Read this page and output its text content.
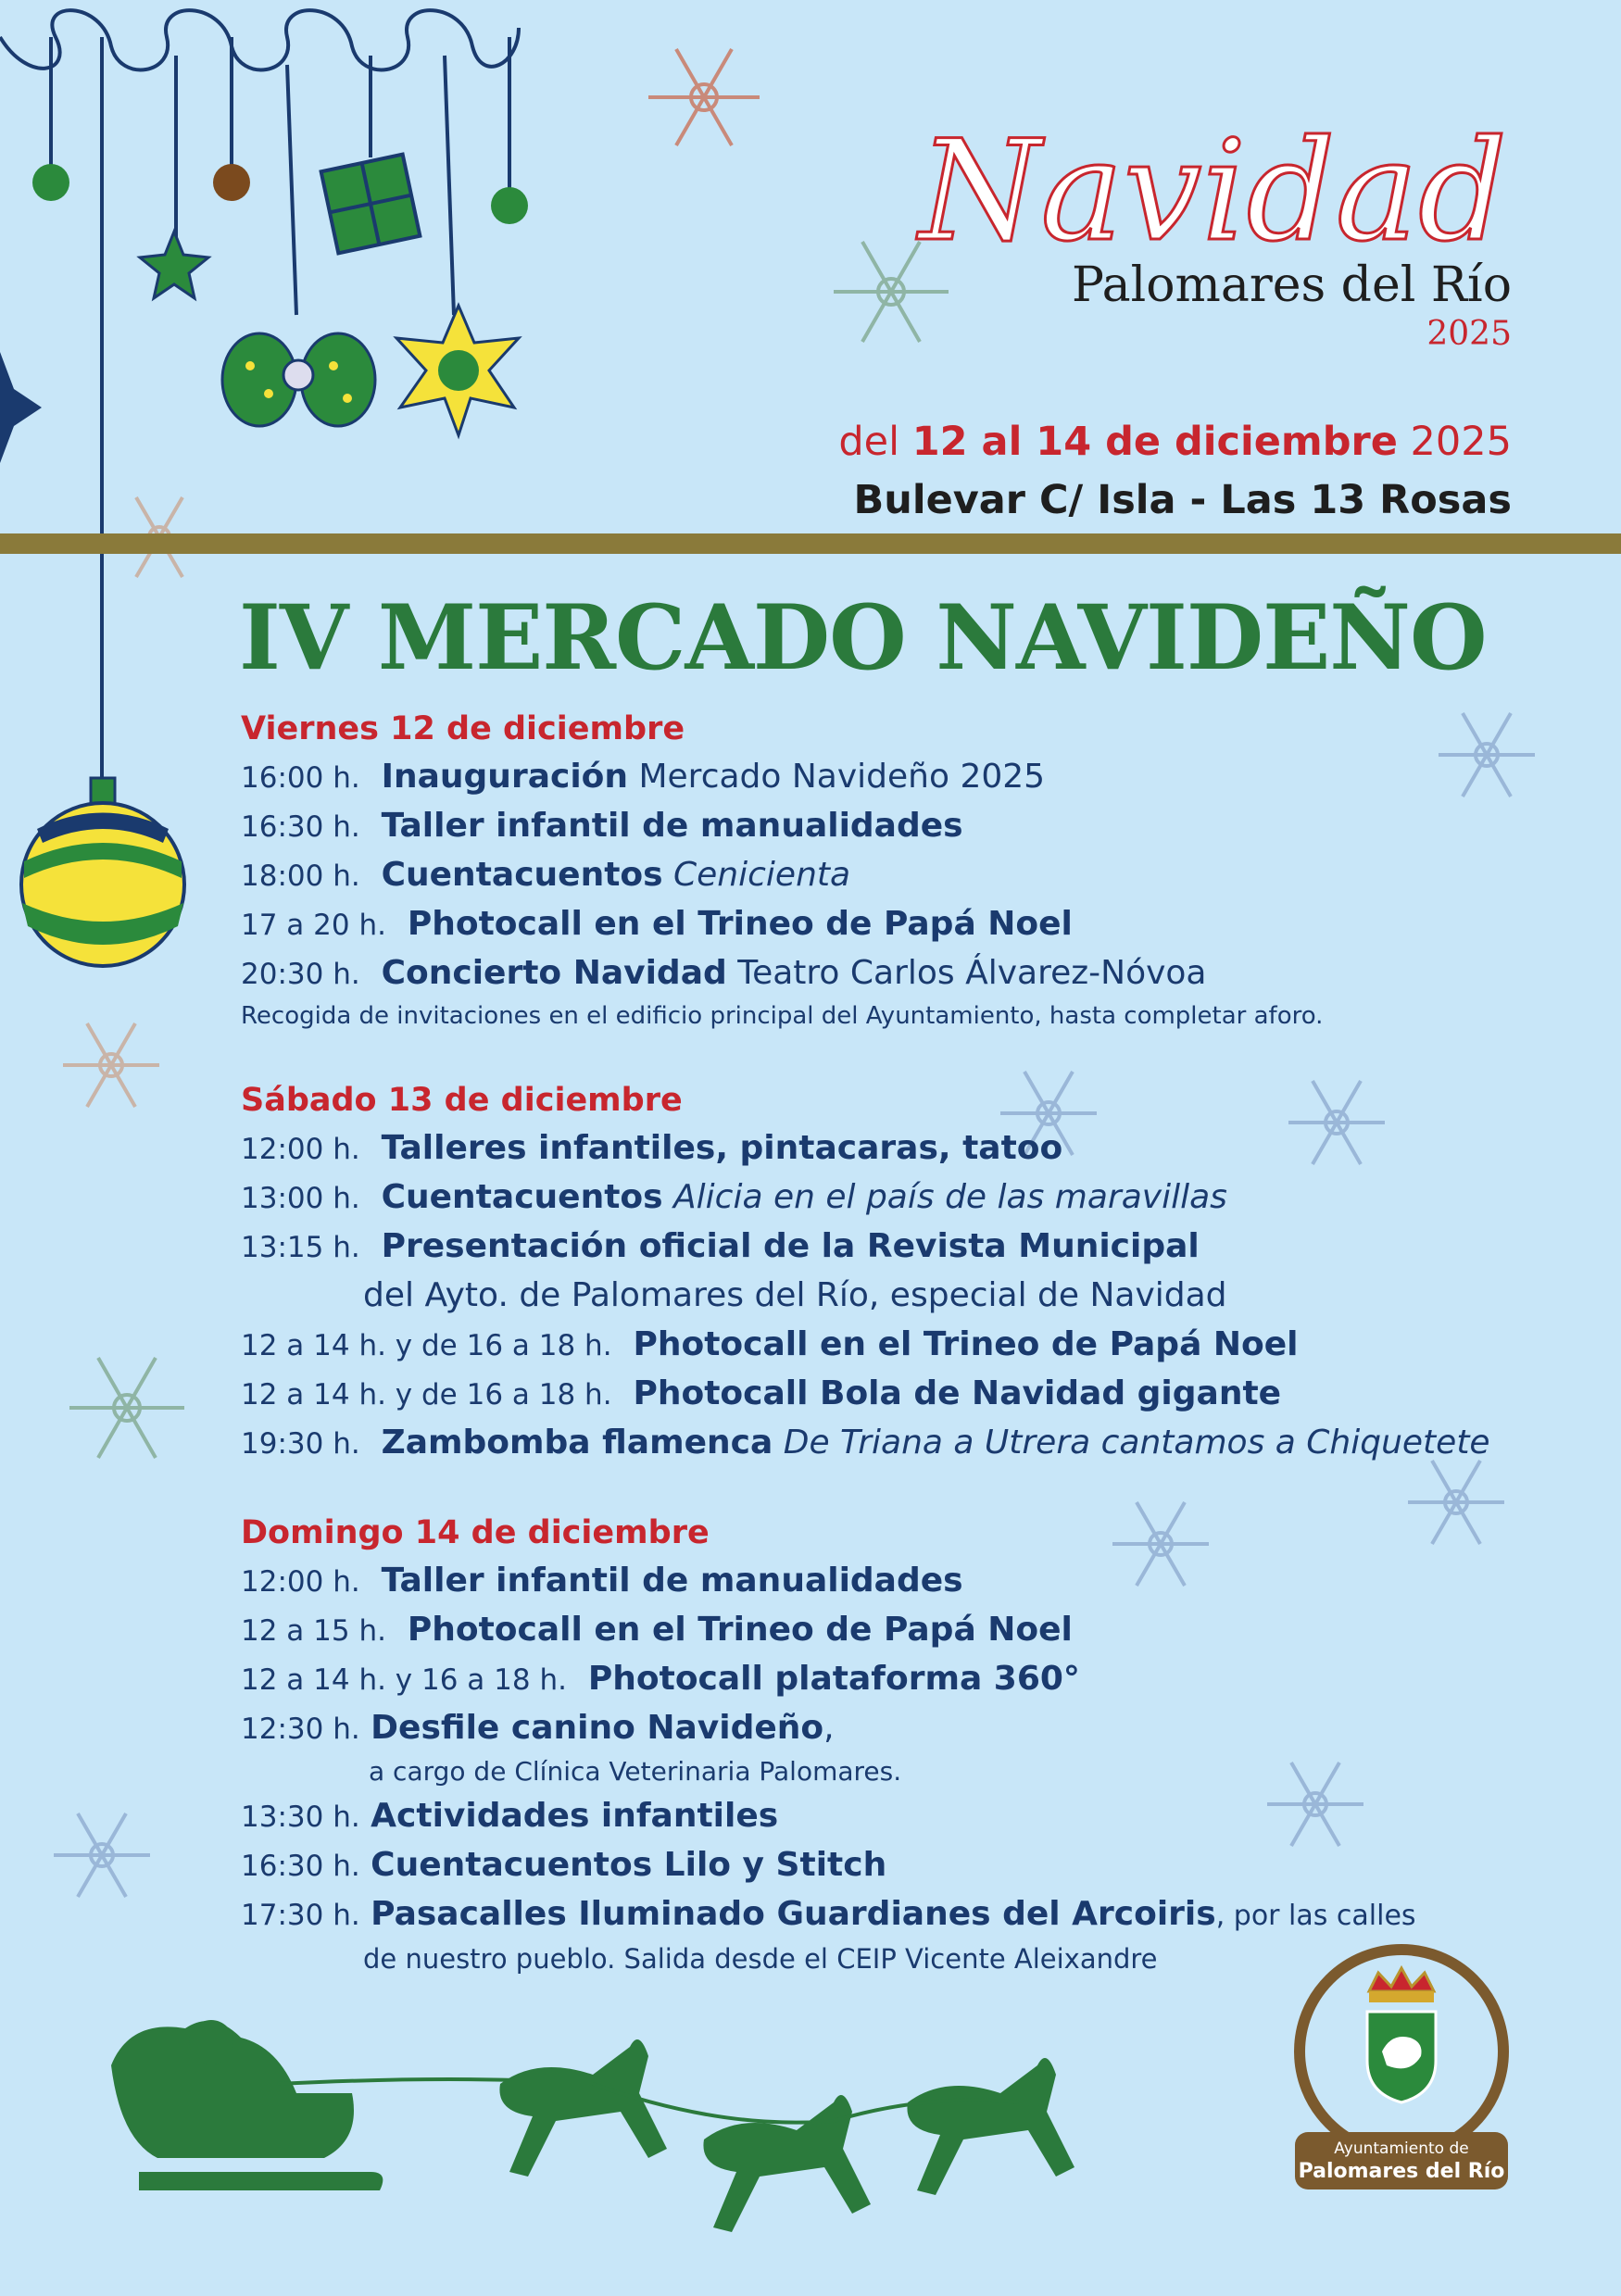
Navidad
Palomares del Río
2025
del 12 al 14 de diciembre 2025
Bulevar C/ Isla - Las 13 Rosas
IV MERCADO NAVIDEÑO
Viernes 12 de diciembre
16:00 h. Inauguración Mercado Navideño 2025
16:30 h. Taller infantil de manualidades
18:00 h. Cuentacuentos Cenicienta
17 a 20 h. Photocall en el Trineo de Papá Noel
20:30 h. Concierto Navidad Teatro Carlos Álvarez-Nóvoa
Recogida de invitaciones en el edificio principal del Ayuntamiento, hasta completar aforo.
Sábado 13 de diciembre
12:00 h. Talleres infantiles, pintacaras, tatoo
13:00 h. Cuentacuentos Alicia en el país de las maravillas
13:15 h. Presentación oficial de la Revista Municipal
del Ayto. de Palomares del Río, especial de Navidad
12 a 14 h. y de 16 a 18 h. Photocall en el Trineo de Papá Noel
12 a 14 h. y de 16 a 18 h. Photocall Bola de Navidad gigante
19:30 h. Zambomba flamenca De Triana a Utrera cantamos a Chiquetete
Domingo 14 de diciembre
12:00 h. Taller infantil de manualidades
12 a 15 h. Photocall en el Trineo de Papá Noel
12 a 14 h. y 16 a 18 h. Photocall plataforma 360°
12:30 h. Desfile canino Navideño,
a cargo de Clínica Veterinaria Palomares.
13:30 h. Actividades infantiles
16:30 h. Cuentacuentos Lilo y Stitch
17:30 h. Pasacalles Iluminado Guardianes del Arcoiris, por las calles
de nuestro pueblo. Salida desde el CEIP Vicente Aleixandre
Ayuntamiento de
Palomares del Río
